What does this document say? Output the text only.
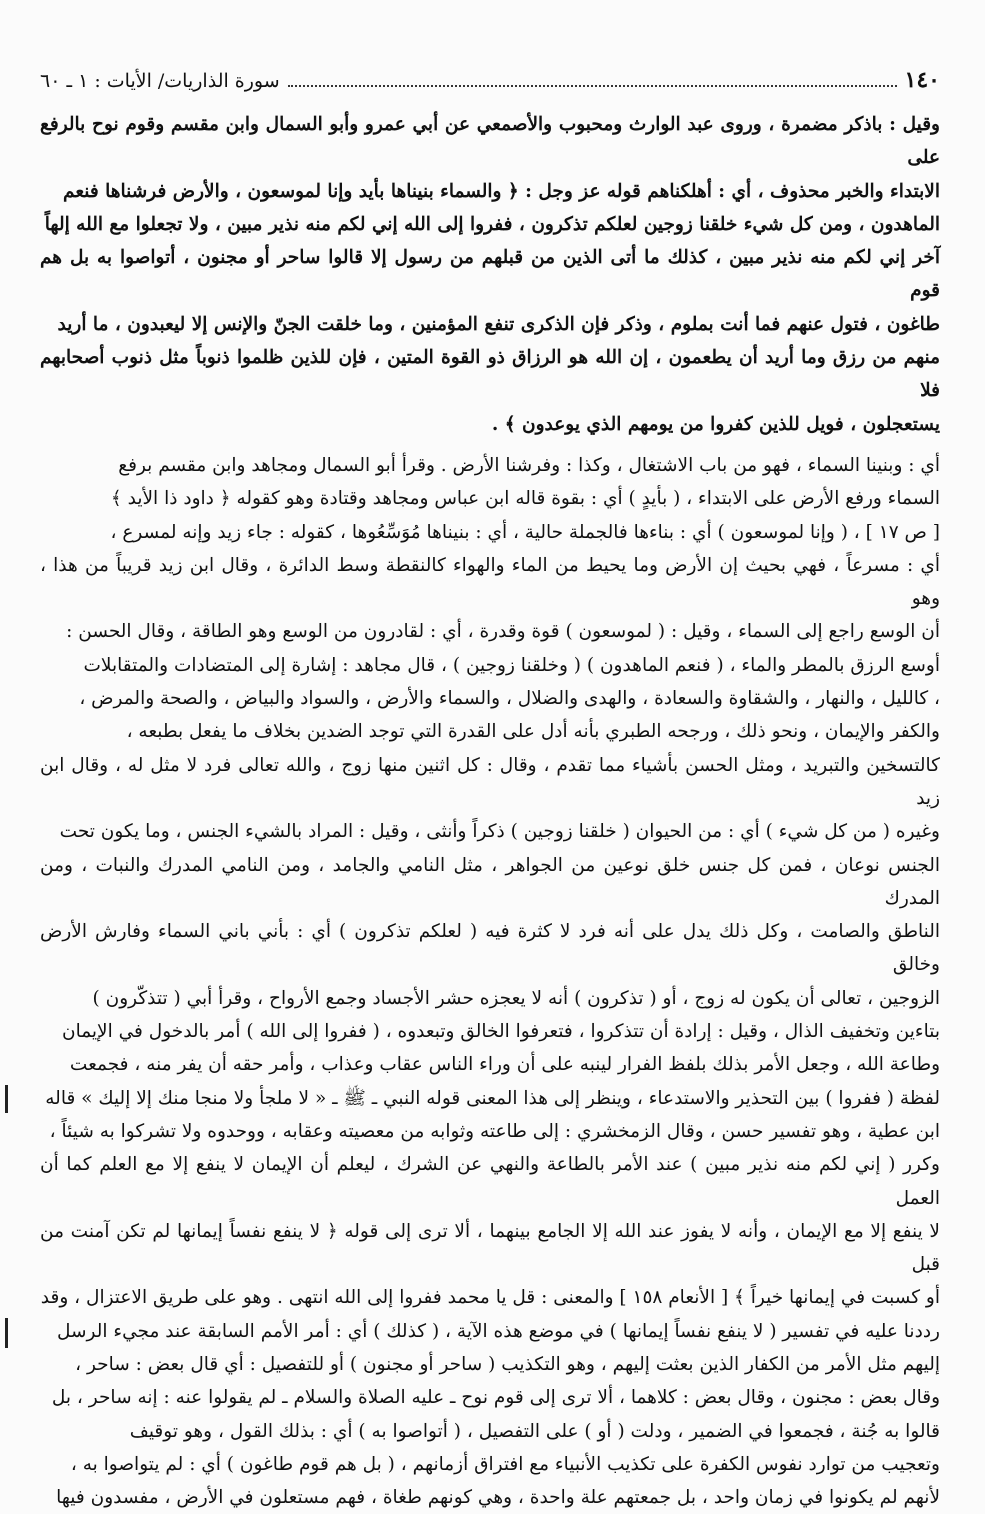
١٤٠
سورة الذاريات/ الأيات : ١ ـ ٦٠

وقيل : باذكر مضمرة ، وروى عبد الوارث ومحبوب والأصمعي عن أبي عمرو وأبو السمال وابن مقسم وقوم نوح بالرفع على

الابتداء والخبر محذوف ، أي : أهلكناهم قوله عز وجل : ﴿ والسماء بنيناها بأيد وإنا لموسعون ، والأرض فرشناها فنعم

الماهدون ، ومن كل شيء خلقنا زوجين لعلكم تذكرون ، ففروا إلى الله إني لكم منه نذير مبين ، ولا تجعلوا مع الله إلهاً

آخر إني لكم منه نذير مبين ، كذلك ما أتى الذين من قبلهم من رسول إلا قالوا ساحر أو مجنون ، أتواصوا به بل هم قوم

طاغون ، فتول عنهم فما أنت بملوم ، وذكر فإن الذكرى تنفع المؤمنين ، وما خلقت الجنّ والإنس إلا ليعبدون ، ما أريد

منهم من رزق وما أريد أن يطعمون ، إن الله هو الرزاق ذو القوة المتين ، فإن للذين ظلموا ذنوباً مثل ذنوب أصحابهم فلا

يستعجلون ، فويل للذين كفروا من يومهم الذي يوعدون ﴾ .

أي : وبنينا السماء ، فهو من باب الاشتغال ، وكذا : وفرشنا الأرض . وقرأ أبو السمال ومجاهد وابن مقسم برفع

السماء ورفع الأرض على الابتداء ، ( بأيدٍ ) أي : بقوة قاله ابن عباس ومجاهد وقتادة وهو كقوله ﴿ داود ذا الأيد ﴾

[ ص ١٧ ] ، ( وإنا لموسعون ) أي : بناءها فالجملة حالية ، أي : بنيناها مُوَسِّعُوها ، كقوله : جاء زيد وإنه لمسرع ،

أي : مسرعاً ، فهي بحيث إن الأرض وما يحيط من الماء والهواء كالنقطة وسط الدائرة ، وقال ابن زيد قريباً من هذا ، وهو

أن الوسع راجع إلى السماء ، وقيل : ( لموسعون ) قوة وقدرة ، أي : لقادرون من الوسع وهو الطاقة ، وقال الحسن :

أوسع الرزق بالمطر والماء ، ( فنعم الماهدون ) ( وخلقنا زوجين ) ، قال مجاهد : إشارة إلى المتضادات والمتقابلات

، كالليل ، والنهار ، والشقاوة والسعادة ، والهدى والضلال ، والسماء والأرض ، والسواد والبياض ، والصحة والمرض ،

والكفر والإيمان ، ونحو ذلك ، ورجحه الطبري بأنه أدل على القدرة التي توجد الضدين بخلاف ما يفعل بطبعه ،

كالتسخين والتبريد ، ومثل الحسن بأشياء مما تقدم ، وقال : كل اثنين منها زوج ، والله تعالى فرد لا مثل له ، وقال ابن زيد

وغيره ( من كل شيء ) أي : من الحيوان ( خلقنا زوجين ) ذكراً وأنثى ، وقيل : المراد بالشيء الجنس ، وما يكون تحت

الجنس نوعان ، فمن كل جنس خلق نوعين من الجواهر ، مثل النامي والجامد ، ومن النامي المدرك والنبات ، ومن المدرك

الناطق والصامت ، وكل ذلك يدل على أنه فرد لا كثرة فيه ( لعلكم تذكرون ) أي : بأني باني السماء وفارش الأرض وخالق

الزوجين ، تعالى أن يكون له زوج ، أو ( تذكرون ) أنه لا يعجزه حشر الأجساد وجمع الأرواح ، وقرأ أبي ( تتذكّرون )

بتاءين وتخفيف الذال ، وقيل : إرادة أن تتذكروا ، فتعرفوا الخالق وتبعدوه ، ( ففروا إلى الله ) أمر بالدخول في الإيمان

وطاعة الله ، وجعل الأمر بذلك بلفظ الفرار لينبه على أن وراء الناس عقاب وعذاب ، وأمر حقه أن يفر منه ، فجمعت

لفظة ( ففروا ) بين التحذير والاستدعاء ، وينظر إلى هذا المعنى قوله النبي ـ ﷺ ـ « لا ملجأ ولا منجا منك إلا إليك » قاله

ابن عطية ، وهو تفسير حسن ، وقال الزمخشري : إلى طاعته وثوابه من معصيته وعقابه ، ووحدوه ولا تشركوا به شيئاً ،

وكرر ( إني لكم منه نذير مبين ) عند الأمر بالطاعة والنهي عن الشرك ، ليعلم أن الإيمان لا ينفع إلا مع العلم كما أن العمل

لا ينفع إلا مع الإيمان ، وأنه لا يفوز عند الله إلا الجامع بينهما ، ألا ترى إلى قوله ﴿ لا ينفع نفساً إيمانها لم تكن آمنت من قبل

أو كسبت في إيمانها خيراً ﴾ [ الأنعام ١٥٨ ] والمعنى : قل يا محمد ففروا إلى الله انتهى . وهو على طريق الاعتزال ، وقد

رددنا عليه في تفسير ( لا ينفع نفساً إيمانها ) في موضع هذه الآية ، ( كذلك ) أي : أمر الأمم السابقة عند مجيء الرسل

إليهم مثل الأمر من الكفار الذين بعثت إليهم ، وهو التكذيب ( ساحر أو مجنون ) أو للتفصيل : أي قال بعض : ساحر ،

وقال بعض : مجنون ، وقال بعض : كلاهما ، ألا ترى إلى قوم نوح ـ عليه الصلاة والسلام ـ لم يقولوا عنه : إنه ساحر ، بل

قالوا به جُنة ، فجمعوا في الضمير ، ودلت ( أو ) على التفصيل ، ( أتواصوا به ) أي : بذلك القول ، وهو توقيف

وتعجيب من توارد نفوس الكفرة على تكذيب الأنبياء مع افتراق أزمانهم ، ( بل هم قوم طاغون ) أي : لم يتواصوا به ،

لأنهم لم يكونوا في زمان واحد ، بل جمعتهم علة واحدة ، وهي كونهم طغاة ، فهم مستعلون في الأرض ، مفسدون فيها
